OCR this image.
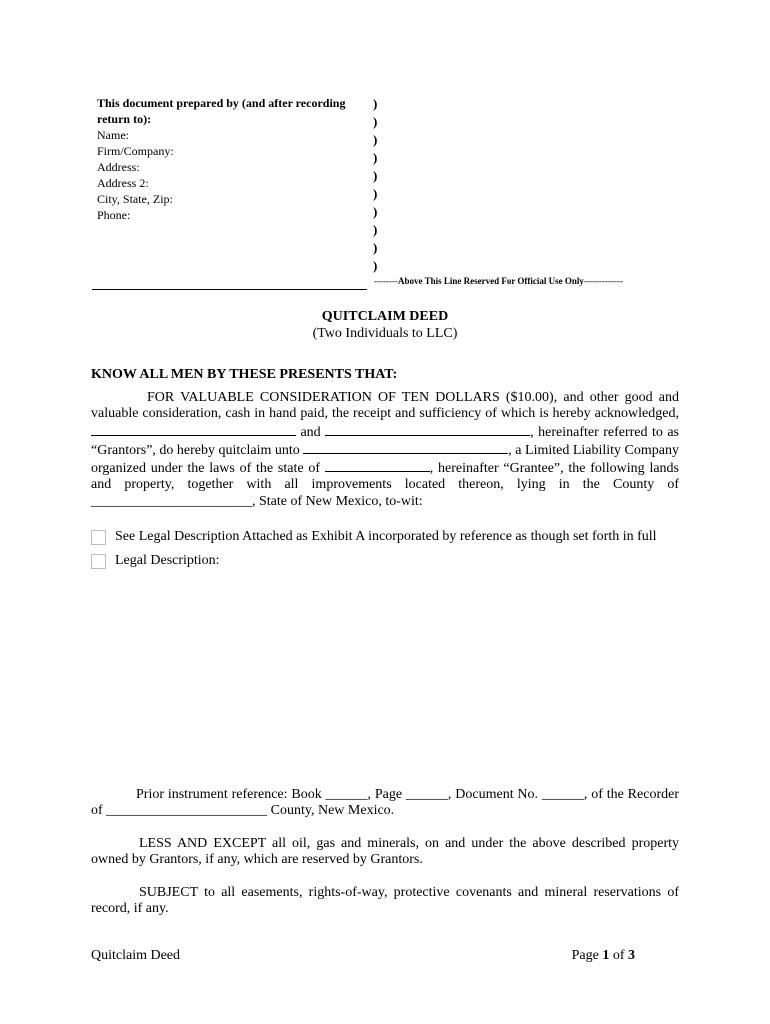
This document prepared by (and after recording return to):
Name:
Firm/Company:
Address:
Address 2:
City, State, Zip:
Phone:
)
)
)
)
)
)
)
)
)
)
--------Above This Line Reserved For Official Use Only-------------
QUITCLAIM DEED
(Two Individuals to LLC)
KNOW ALL MEN BY THESE PRESENTS THAT:
FOR VALUABLE CONSIDERATION OF TEN DOLLARS ($10.00), and other good and valuable consideration, cash in hand paid, the receipt and sufficiency of which is hereby acknowledged,  and	, hereinafter referred to as “Grantors”, do hereby quitclaim unto	, a Limited Liability Company organized under the laws of the state of	, hereinafter “Grantee”, the following lands and property, together with all improvements located thereon, lying in the County of _______________________, State of New Mexico, to-wit:
See Legal Description Attached as Exhibit A incorporated by reference as though set forth in full
Legal Description:
Prior instrument reference: Book ______, Page ______, Document No. ______, of the Recorder of _______________________ County, New Mexico.
LESS AND EXCEPT all oil, gas and minerals, on and under the above described property owned by Grantors, if any, which are reserved by Grantors.
SUBJECT to all easements, rights-of-way, protective covenants and mineral reservations of record, if any.
Quitclaim Deed	Page 1 of 3
